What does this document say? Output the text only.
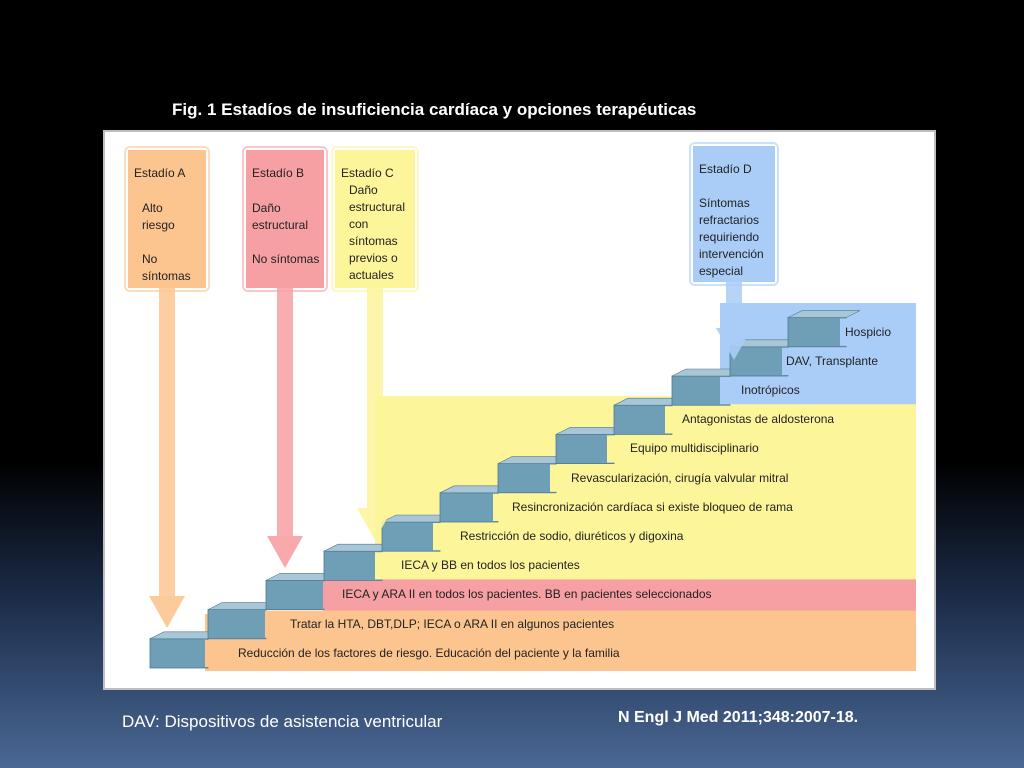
Fig. 1 Estadíos de insuficiencia cardíaca y opciones terapéuticas
Reducción de los factores de riesgo. Educación del paciente y la familia
Tratar la HTA, DBT,DLP; IECA o ARA II en algunos pacientes
IECA y ARA II en todos los pacientes. BB en pacientes seleccionados
IECA y BB en todos los pacientes
Restricción de sodio, diuréticos y digoxina
Resincronización cardíaca si existe bloqueo de rama
Revascularización, cirugía valvular mitral
Equipo multidisciplinario
Antagonistas de aldosterona
Inotrópicos
DAV, Transplante
Hospicio
Estadío A
Alto
riesgo
No
síntomas
Estadío B
Daño
estructural
No síntomas
Estadío C
Daño
estructural
con
síntomas
previos o
actuales
Estadío D
Síntomas
refractarios
requiriendo
intervención
especial
DAV: Dispositivos de asistencia ventricular	N Engl J Med 2011;348:2007-18.
